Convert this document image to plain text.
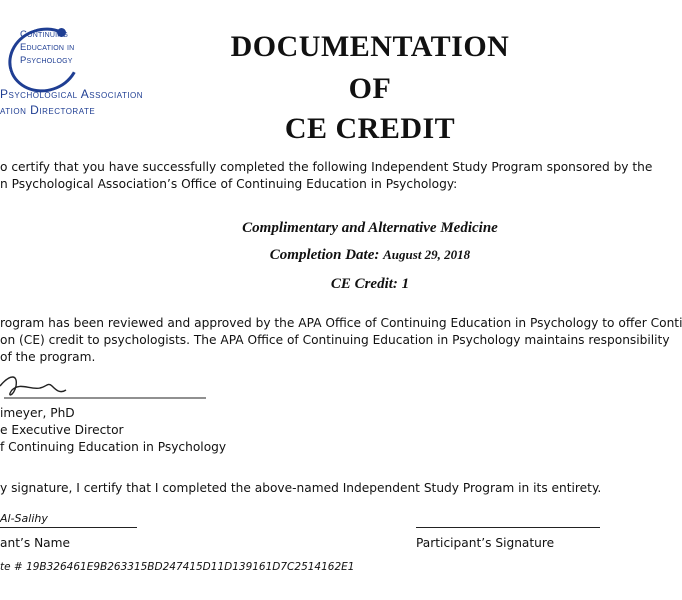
Continuing
Education in
Psychology
Psychological Association
ation Directorate
DOCUMENTATION
OF
CE CREDIT
o certify that you have successfully completed the following Independent Study Program sponsored by the
n Psychological Association’s Office of Continuing Education in Psychology:
Complimentary and Alternative Medicine
Completion Date: August 29, 2018
CE Credit: 1
rogram has been reviewed and approved by the APA Office of Continuing Education in Psychology to offer Conti
on (CE) credit to psychologists. The APA Office of Continuing Education in Psychology maintains responsibility
of the program.
imeyer, PhD
e Executive Director
f Continuing Education in Psychology
y signature, I certify that I completed the above-named Independent Study Program in its entirety.
Al-Salihy
ant’s Name	Participant’s Signature
te # 19B326461E9B263315BD247415D11D139161D7C2514162E1
